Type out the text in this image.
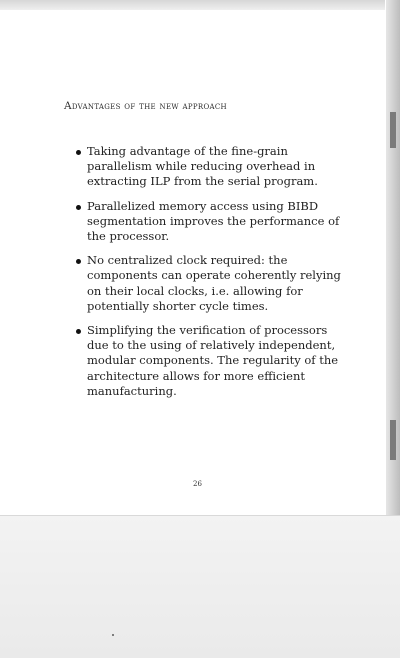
Advantages of the new approach
Taking advantage of the fine-grain parallelism while reducing overhead in extracting ILP from the serial program.
Parallelized memory access using BIBD segmentation improves the performance of the processor.
No centralized clock required: the components can operate coherently relying on their local clocks, i.e. allowing for potentially shorter cycle times.
Simplifying the verification of processors due to the using of relatively independent, modular components. The regularity of the architecture allows for more efficient manufacturing.
26
